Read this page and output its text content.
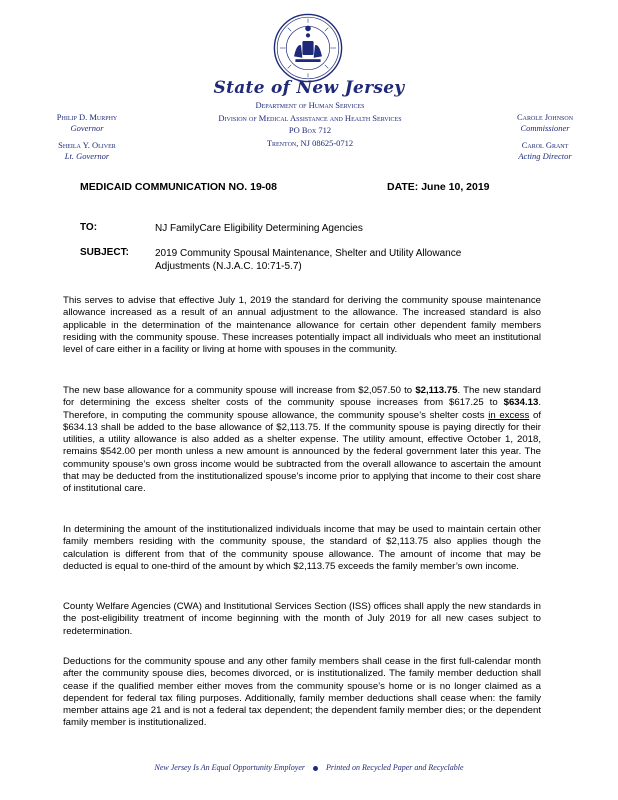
State of New Jersey
Department of Human Services
Division of Medical Assistance and Health Services
PO Box 712
Trenton, NJ 08625-0712
Philip D. Murphy
Governor
Sheila Y. Oliver
Lt. Governor
Carole Johnson
Commissioner
Carol Grant
Acting Director
MEDICAID COMMUNICATION NO. 19-08	DATE: June 10, 2019
TO:	NJ FamilyCare Eligibility Determining Agencies
SUBJECT:	2019 Community Spousal Maintenance, Shelter and Utility Allowance
Adjustments (N.J.A.C. 10:71-5.7)

This serves to advise that effective July 1, 2019 the standard for deriving the community spouse maintenance allowance increased as a result of an annual adjustment to the allowance. The increased standard is also applicable in the determination of the maintenance allowance for certain other dependent family members residing with the community spouse. These increases potentially impact all individuals who meet an institutional level of care either in a facility or living at home with spouses in the community.

The new base allowance for a community spouse will increase from $2,057.50 to $2,113.75. The new standard for determining the excess shelter costs of the community spouse increases from $617.25 to $634.13. Therefore, in computing the community spouse allowance, the community spouse’s shelter costs in excess of $634.13 shall be added to the base allowance of $2,113.75. If the community spouse is paying directly for their utilities, a utility allowance is also added as a shelter expense. The utility amount, effective October 1, 2018, remains $542.00 per month unless a new amount is announced by the federal government later this year. The community spouse’s own gross income would be subtracted from the overall allowance to ascertain the amount that may be deducted from the institutionalized spouse’s income prior to applying that income to their cost share of institutional care.

In determining the amount of the institutionalized individuals income that may be used to maintain certain other family members residing with the community spouse, the standard of $2,113.75 also applies though the calculation is different from that of the community spouse allowance. The amount of income that may be deducted is equal to one-third of the amount by which $2,113.75 exceeds the family member’s own income.

County Welfare Agencies (CWA) and Institutional Services Section (ISS) offices shall apply the new standards in the post-eligibility treatment of income beginning with the month of July 2019 for all new cases subject to redetermination.

Deductions for the community spouse and any other family members shall cease in the first full-calendar month after the community spouse dies, becomes divorced, or is institutionalized. The family member deduction shall cease if the qualified member either moves from the community spouse’s home or is no longer claimed as a dependent for federal tax filing purposes. Additionally, family member deductions shall cease when: the family member attains age 21 and is not a federal tax dependent; the dependent family member dies; or the dependent family member is institutionalized.

New Jersey Is An Equal Opportunity Employer	Printed on Recycled Paper and Recyclable
